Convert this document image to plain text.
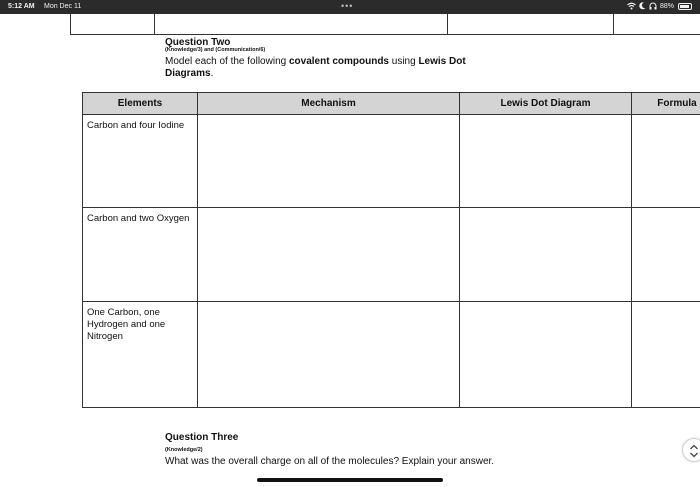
5:12 AM Mon Dec 11	•••	88%
Question Two
(Knowledge/3) and (Communication/6)
Model each of the following covalent compounds using Lewis Dot Diagrams.
Elements	Mechanism	Lewis Dot Diagram	Formula
Carbon and four Iodine			
Carbon and two Oxygen			
One Carbon, one Hydrogen and one Nitrogen			
Question Three
(Knowledge/2)
What was the overall charge on all of the molecules? Explain your answer.
